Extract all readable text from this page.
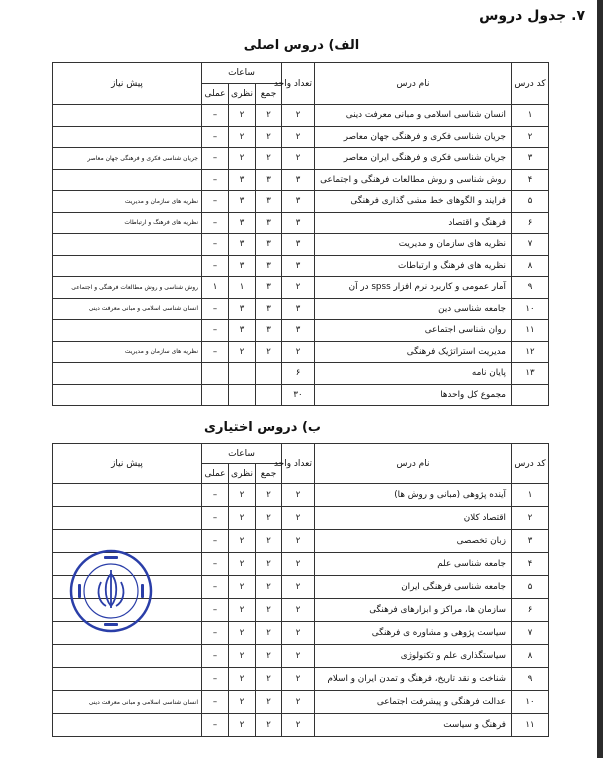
۷. جدول دروس
الف) دروس اصلی
کد درس	نام درس	تعداد واحد	ساعات			پیش نیاز
			جمع	نظری	عملی	
۱	انسان شناسی اسلامی و مبانی معرفت دینی	۲	۲	۲	–	
۲	جریان شناسی فکری و فرهنگی جهان معاصر	۲	۲	۲	–	
۳	جریان شناسی فکری و فرهنگی ایران معاصر	۲	۲	۲	–	جریان شناسی فکری و فرهنگی جهان معاصر
۴	روش شناسی و روش مطالعات فرهنگی و اجتماعی	۳	۳	۳	–	
۵	فرایند و الگوهای خط مشی گذاری فرهنگی	۳	۳	۳	–	نظریه های سازمان و مدیریت
۶	فرهنگ و اقتصاد	۳	۳	۳	–	نظریه های فرهنگ و ارتباطات
۷	نظریه های سازمان و مدیریت	۳	۳	۳	–	
۸	نظریه های فرهنگ و ارتباطات	۳	۳	۳	–	
۹	آمار عمومی و کاربرد نرم افزار spss در آن	۲	۳	۱	۱	روش شناسی و روش مطالعات فرهنگی و اجتماعی
۱۰	جامعه شناسی دین	۳	۳	۳	–	انسان شناسی اسلامی و مبانی معرفت دینی
۱۱	روان شناسی اجتماعی	۳	۳	۳	–	
۱۲	مدیریت استراتژیک فرهنگی	۲	۲	۲	–	نظریه های سازمان و مدیریت
۱۳	پایان نامه	۶				
	مجموع کل واحدها	۳۰				
ب) دروس اختیاری
کد درس	نام درس	تعداد واحد	ساعات			پیش نیاز
			جمع	نظری	عملی	
۱	آینده پژوهی (مبانی و روش ها)	۲	۲	۲	–	
۲	اقتصاد کلان	۲	۲	۲	–	
۳	زبان تخصصی	۲	۲	۲	–	
۴	جامعه شناسی علم	۲	۲	۲	–	
۵	جامعه شناسی فرهنگی ایران	۲	۲	۲	–	
۶	سازمان ها، مراکز و ابزارهای فرهنگی	۲	۲	۲	–	
۷	سیاست پژوهی و مشاوره ی فرهنگی	۲	۲	۲	–	
۸	سیاستگذاری علم و تکنولوژی	۲	۲	۲	–	
۹	شناخت و نقد تاریخ، فرهنگ و تمدن ایران و اسلام	۲	۲	۲	–	
۱۰	عدالت فرهنگی و پیشرفت اجتماعی	۲	۲	۲	–	انسان شناسی اسلامی و مبانی معرفت دینی
۱۱	فرهنگ و سیاست	۲	۲	۲	–	
